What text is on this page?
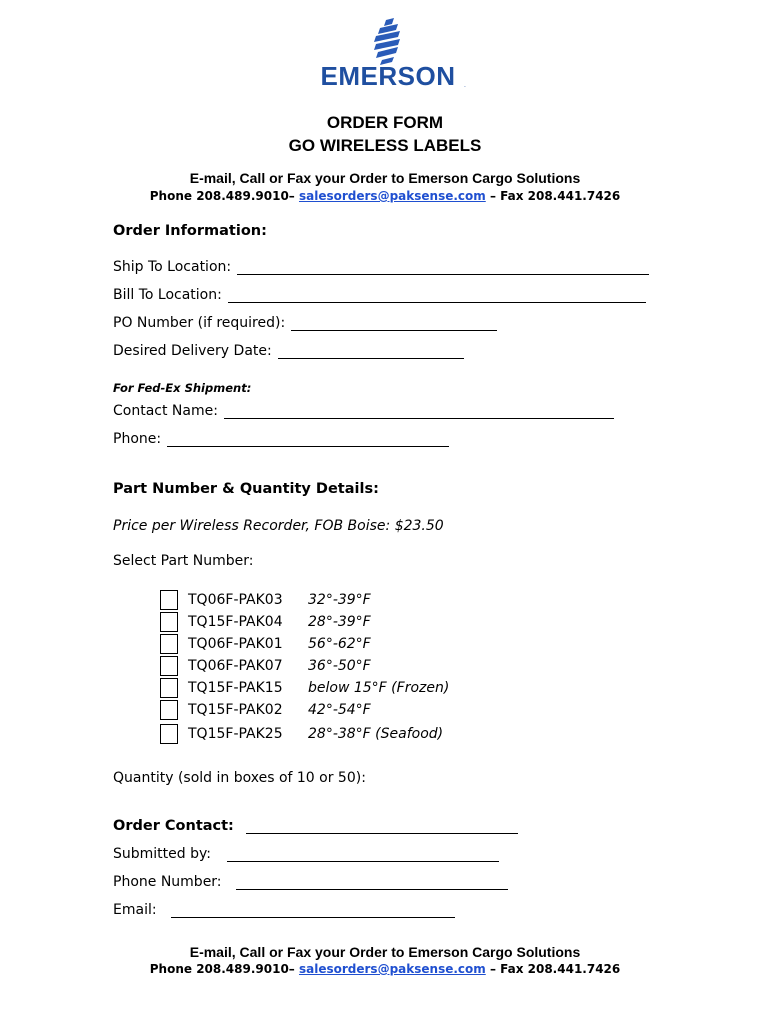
EMERSON	.
ORDER FORM
GO WIRELESS LABELS
E-mail, Call or Fax your Order to Emerson Cargo Solutions
Phone 208.489.9010– salesorders@paksense.com – Fax 208.441.7426
Order Information:
Ship To Location:
Bill To Location:
PO Number (if required):
Desired Delivery Date:
For Fed-Ex Shipment:
Contact Name:
Phone:
Part Number & Quantity Details:
Price per Wireless Recorder, FOB Boise: $23.50
Select Part Number:
TQ06F-PAK03	32°-39°F
TQ15F-PAK04	28°-39°F
TQ06F-PAK01	56°-62°F
TQ06F-PAK07	36°-50°F
TQ15F-PAK15	below 15°F (Frozen)
TQ15F-PAK02	42°-54°F
TQ15F-PAK25	28°-38°F (Seafood)
Quantity (sold in boxes of 10 or 50):
Order Contact:
Submitted by:
Phone Number:
Email:
E-mail, Call or Fax your Order to Emerson Cargo Solutions
Phone 208.489.9010– salesorders@paksense.com – Fax 208.441.7426
